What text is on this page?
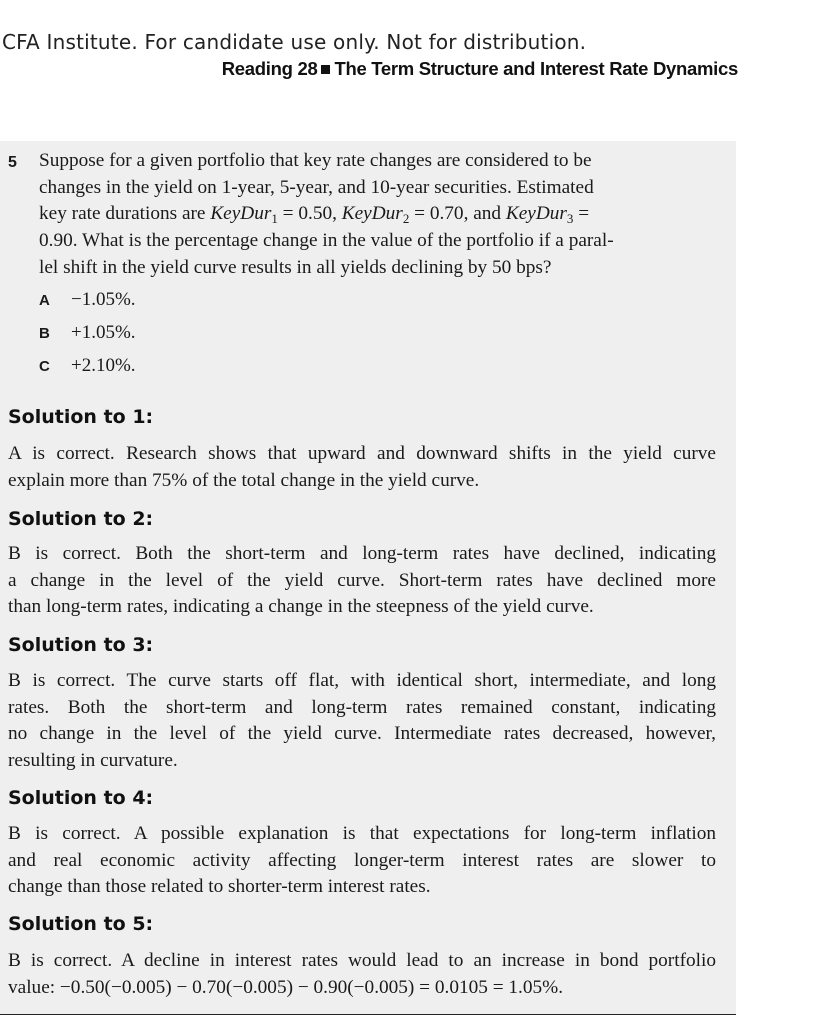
CFA Institute. For candidate use only. Not for distribution.
Reading 28 The Term Structure and Interest Rate Dynamics
5 Suppose for a given portfolio that key rate changes are considered to be
changes in the yield on 1-year, 5-year, and 10-year securities. Estimated
key rate durations are KeyDur$_1$ = 0.50, KeyDur$_2$ = 0.70, and KeyDur$_3$ =
0.90. What is the percentage change in the value of the portfolio if a paral-
lel shift in the yield curve results in all yields declining by 50 bps?
A −1.05%.
B +1.05%.
C +2.10%.
Solution to 1:
A is correct. Research shows that upward and downward shifts in the yield curve
explain more than 75% of the total change in the yield curve.
Solution to 2:
B is correct. Both the short-term and long-term rates have declined, indicating
a change in the level of the yield curve. Short-term rates have declined more
than long-term rates, indicating a change in the steepness of the yield curve.
Solution to 3:
B is correct. The curve starts off flat, with identical short, intermediate, and long
rates. Both the short-term and long-term rates remained constant, indicating
no change in the level of the yield curve. Intermediate rates decreased, however,
resulting in curvature.
Solution to 4:
B is correct. A possible explanation is that expectations for long-term inflation
and real economic activity affecting longer-term interest rates are slower to
change than those related to shorter-term interest rates.
Solution to 5:
B is correct. A decline in interest rates would lead to an increase in bond portfolio
value: −0.50(−0.005) − 0.70(−0.005) − 0.90(−0.005) = 0.0105 = 1.05%.
